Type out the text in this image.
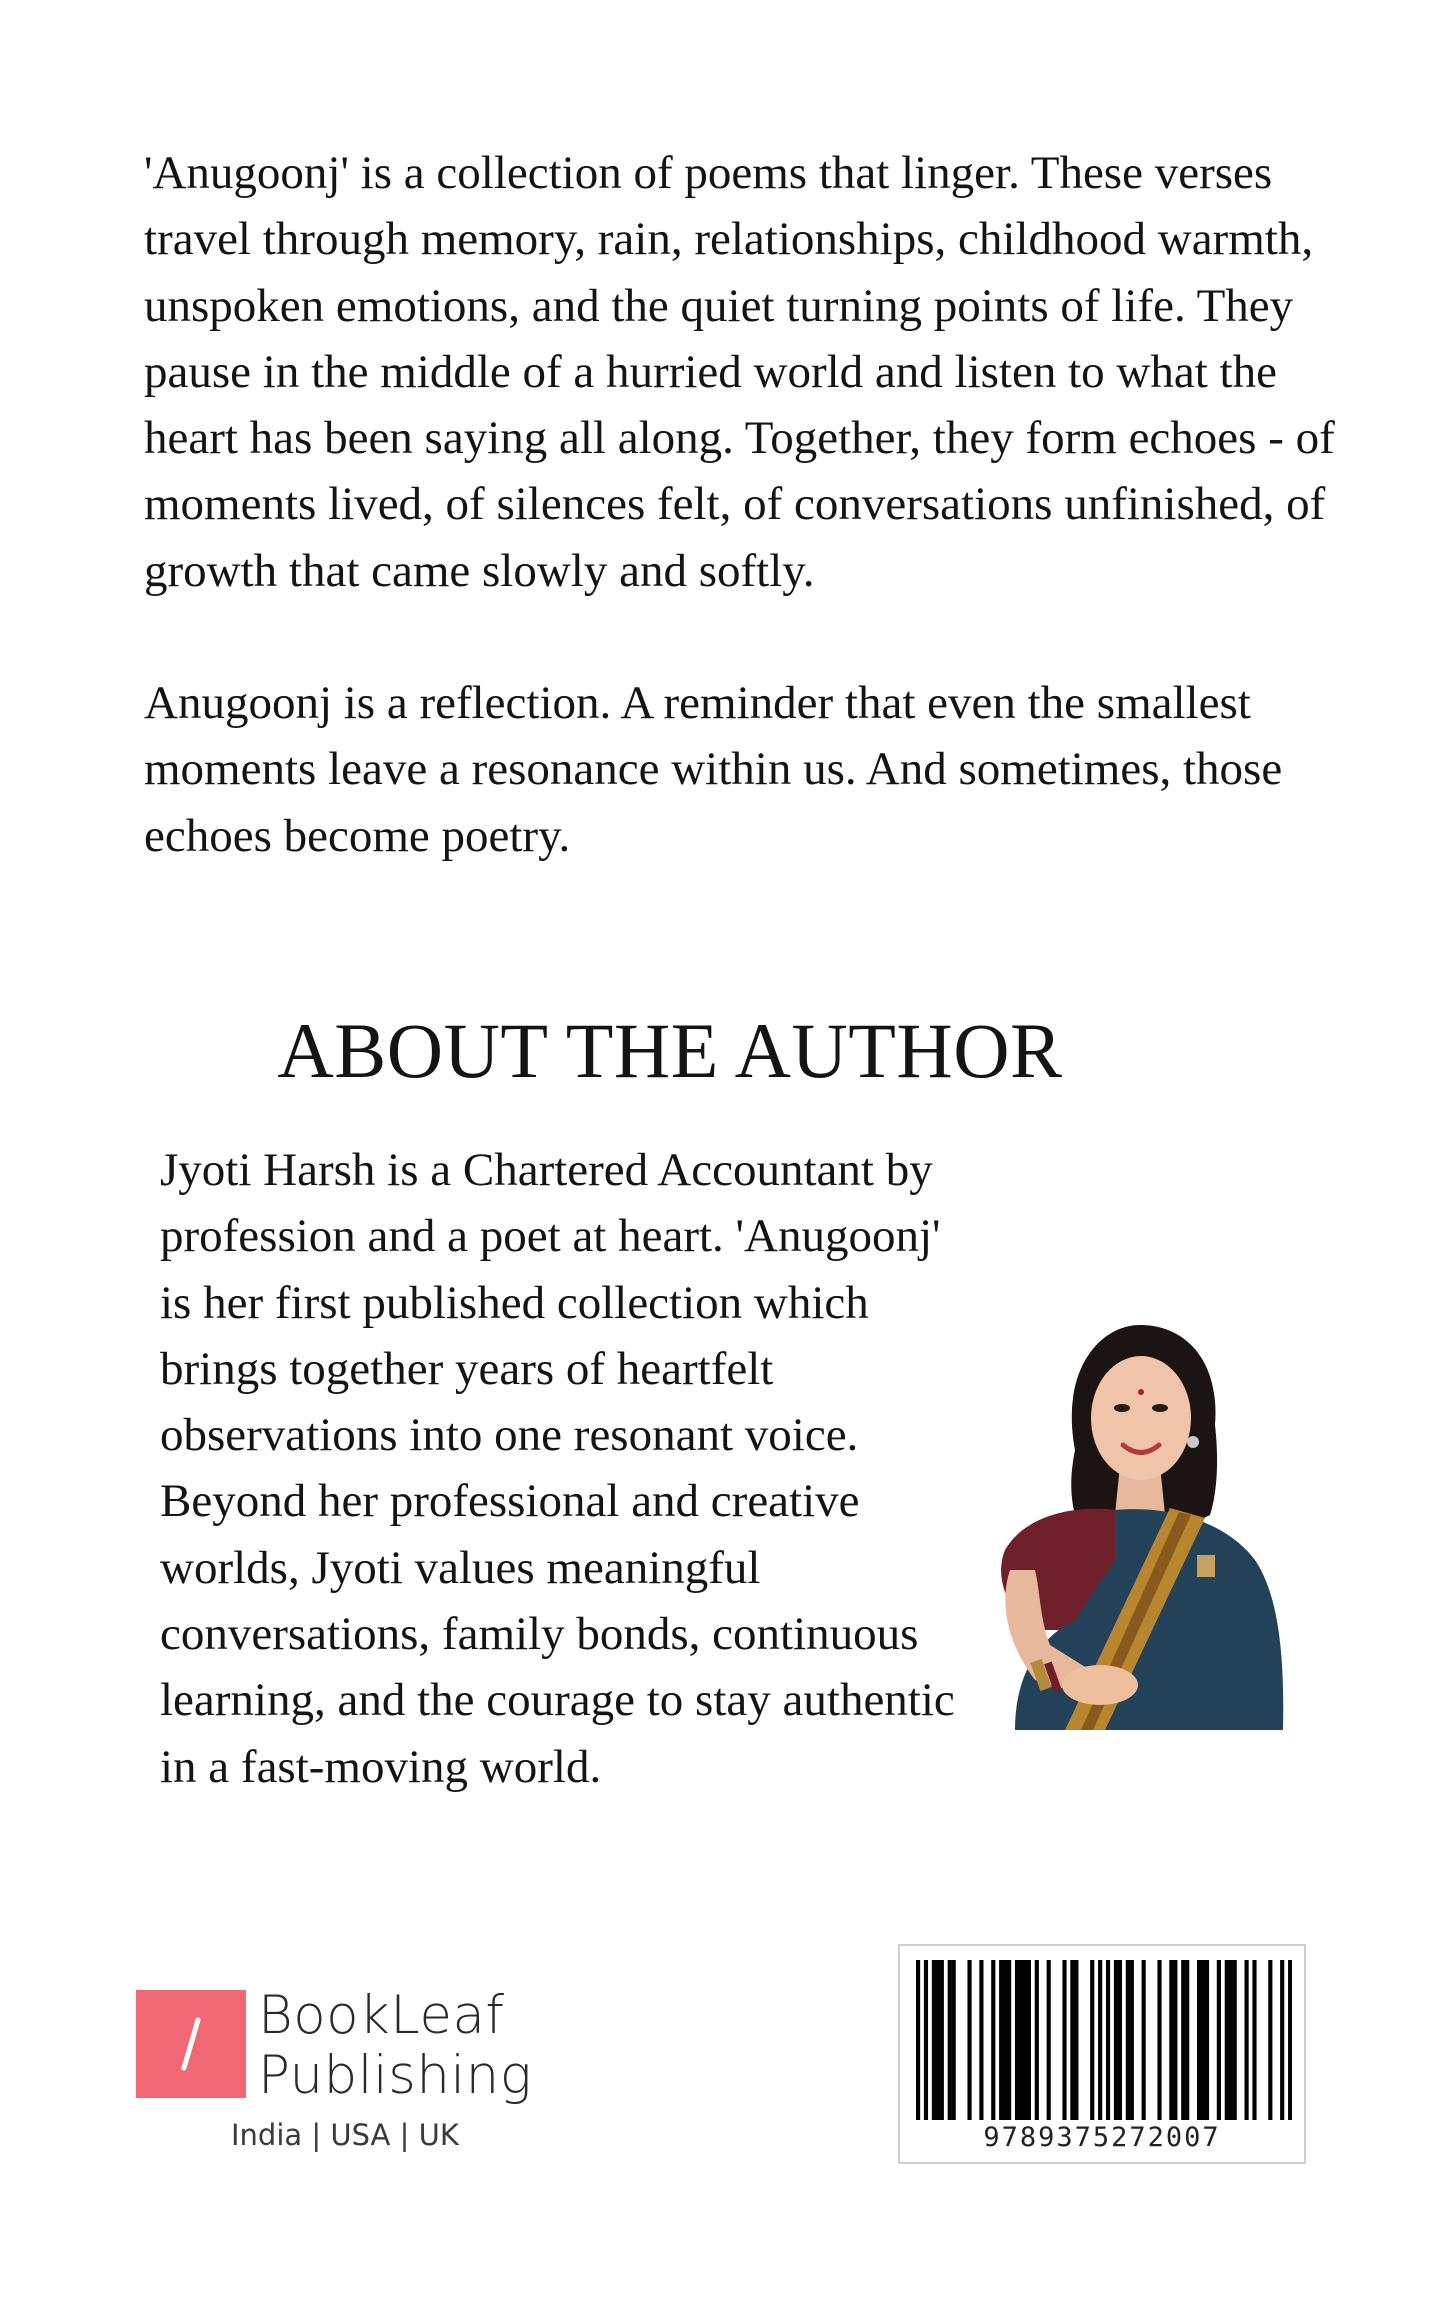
'Anugoonj' is a collection of poems that linger. These verses travel through memory, rain, relationships, childhood warmth, unspoken emotions, and the quiet turning points of life. They pause in the middle of a hurried world and listen to what the heart has been saying all along. Together, they form echoes - of moments lived, of silences felt, of conversations unfinished, of growth that came slowly and softly.

Anugoonj is a reflection. A reminder that even the smallest moments leave a resonance within us. And sometimes, those echoes become poetry.

ABOUT THE AUTHOR

Jyoti Harsh is a Chartered Accountant by profession and a poet at heart. 'Anugoonj' is her first published collection which brings together years of heartfelt observations into one resonant voice.

Beyond her professional and creative worlds, Jyoti values meaningful conversations, family bonds, continuous learning, and the courage to stay authentic in a fast-moving world.

BookLeaf
Publishing
India | USA | UK	9789375272007
